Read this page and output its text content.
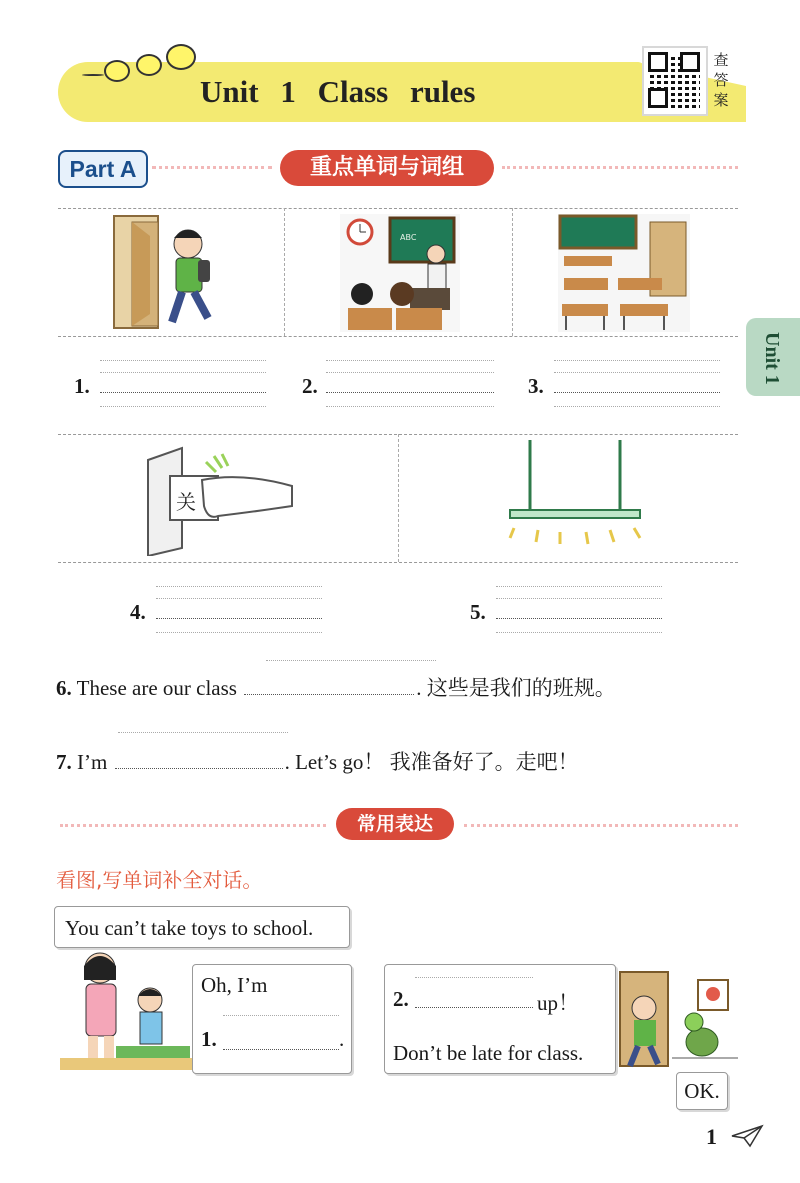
Unit 1 Class rules
查答案
Unit 1
Part A	重点单词与词组
ABC
1.	2.	3.
关
4.	5.
6. These are our class	. 这些是我们的班规。
7. I’m	. Let’s go！ 我准备好了。走吧！
常用表达
看图,写单词补全对话。
You can’t take toys to school.
Oh, I’m
1.	.
2.	up！
Don’t be late for class.
OK.
1
